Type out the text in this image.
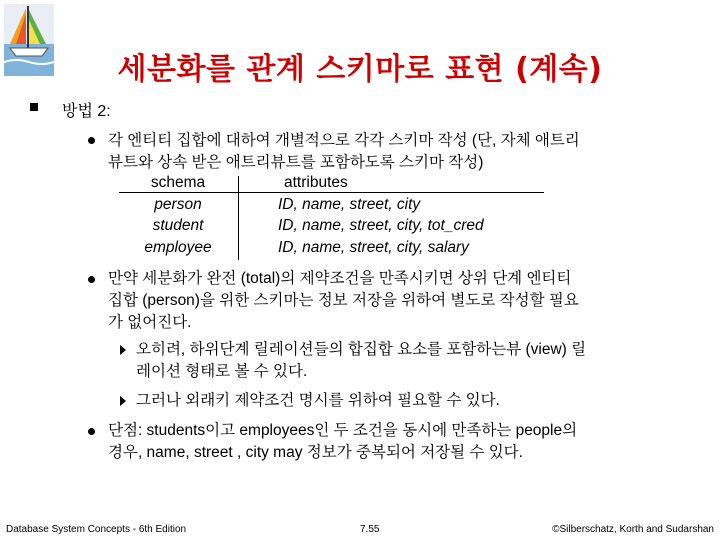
세분화를 관계 스키마로 표현 (계속)
방법 2:
각 엔티티 집합에 대하여 개별적으로 각각 스키마 작성 (단, 자체 애트리
뷰트와 상속 받은 애트리뷰트를 포함하도록 스키마 작성)
schema	attributes
person	ID, name, street, city
student	ID, name, street, city, tot_cred
employee	ID, name, street, city, salary
만약 세분화가 완전 (total)의 제약조건을 만족시키면 상위 단계 엔티티
집합 (person)을 위한 스키마는 정보 저장을 위하여 별도로 작성할 필요
가 없어진다.
오히려, 하위단계 릴레이션들의 합집합 요소를 포함하는뷰 (view) 릴
레이션 형태로 볼 수 있다.
그러나 외래키 제약조건 명시를 위하여 필요할 수 있다.
단점: students이고 employees인 두 조건을 동시에 만족하는 people의
경우, name, street , city may 정보가 중복되어 저장될 수 있다.
Database System Concepts - 6th Edition	7.55	©Silberschatz, Korth and Sudarshan
